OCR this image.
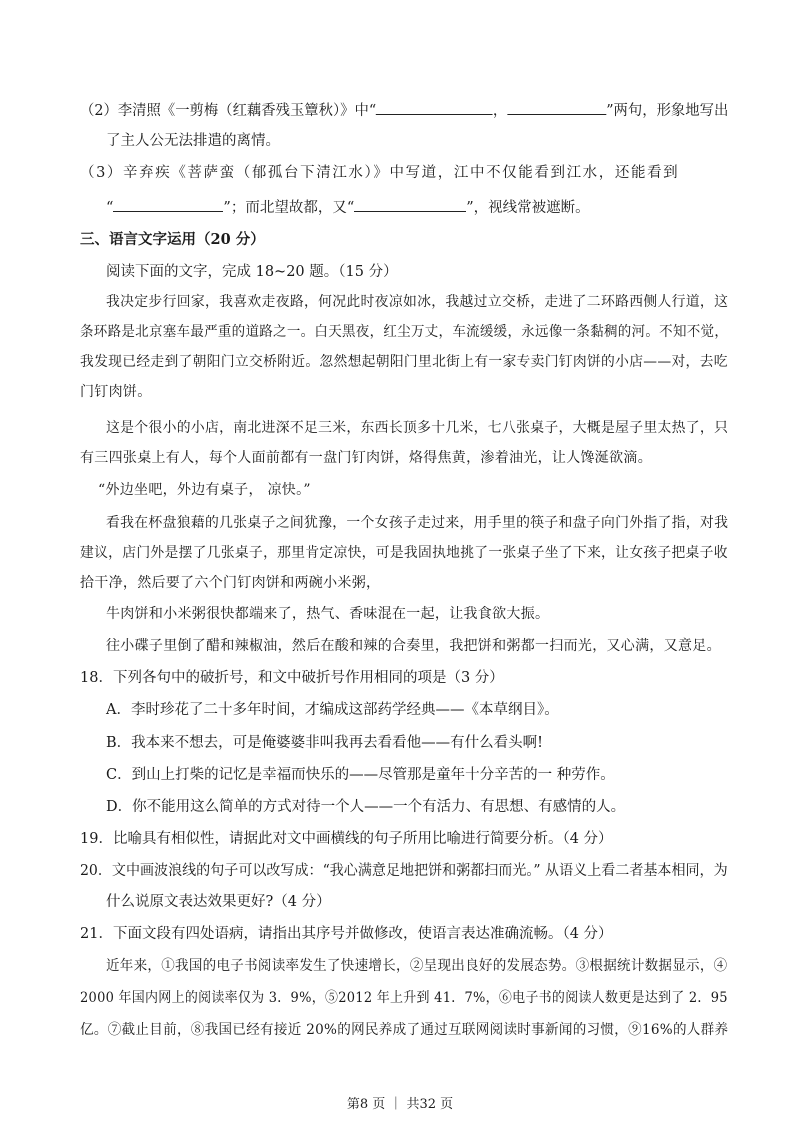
（2）李清照《一剪梅（红藕香残玉簟秋）》中“	，	”两句，形象地写出
了主人公无法排遣的离情。
（3）辛弃疾《菩萨蛮（郁孤台下清江水）》中写道，江中不仅能看到江水，还能看到
“	”；而北望故都，又“	”，视线常被遮断。
三、语言文字运用（20 分）
阅读下面的文字，完成 18~20 题。（15 分）
我决定步行回家，我喜欢走夜路，何况此时夜凉如冰，我越过立交桥，走进了二环路西侧人行道，这
条环路是北京塞车最严重的道路之一。白天黑夜，红尘万丈，车流缓缓，永远像一条黏稠的河。不知不觉，
我发现已经走到了朝阳门立交桥附近。忽然想起朝阳门里北街上有一家专卖门钉肉饼的小店——对，去吃
门钉肉饼。
这是个很小的小店，南北进深不足三米，东西长顶多十几米，七八张桌子，大概是屋子里太热了，只
有三四张桌上有人，每个人面前都有一盘门钉肉饼，烙得焦黄，渗着油光，让人馋涎欲滴。
“外边坐吧，外边有桌子， 凉快。”
看我在杯盘狼藉的几张桌子之间犹豫，一个女孩子走过来，用手里的筷子和盘子向门外指了指，对我
建议，店门外是摆了几张桌子，那里肯定凉快，可是我固执地挑了一张桌子坐了下来，让女孩子把桌子收
拾干净，然后要了六个门钉肉饼和两碗小米粥，
牛肉饼和小米粥很快都端来了，热气、香味混在一起，让我食欲大振。
往小碟子里倒了醋和辣椒油，然后在酸和辣的合奏里，我把饼和粥都一扫而光，又心满，又意足。
18．下列各句中的破折号，和文中破折号作用相同的项是（3 分）
A．李时珍花了二十多年时间，才编成这部药学经典——《本草纲目》。
B．我本来不想去，可是俺婆婆非叫我再去看看他——有什么看头啊!
C．到山上打柴的记忆是幸福而快乐的——尽管那是童年十分辛苦的一 种劳作。
D．你不能用这么简单的方式对待一个人——一个有活力、有思想、有感情的人。
19．比喻具有相似性，请据此对文中画横线的句子所用比喻进行简要分析。（4 分）
20．文中画波浪线的句子可以改写成：“我心满意足地把饼和粥都扫而光。” 从语义上看二者基本相同，为
什么说原文表达效果更好?（4 分）
21．下面文段有四处语病，请指出其序号并做修改，使语言表达准确流畅。（4 分）
近年来，①我国的电子书阅读率发生了快速增长，②呈现出良好的发展态势。③根据统计数据显示，④
2000 年国内网上的阅读率仅为 3．9%，⑤2012 年上升到 41．7%，⑥电子书的阅读人数更是达到了 2．95
亿。⑦截止目前，⑧我国已经有接近 20%的网民养成了通过互联网阅读时事新闻的习惯，⑨16%的人群养
第8 页 ｜ 共32 页
